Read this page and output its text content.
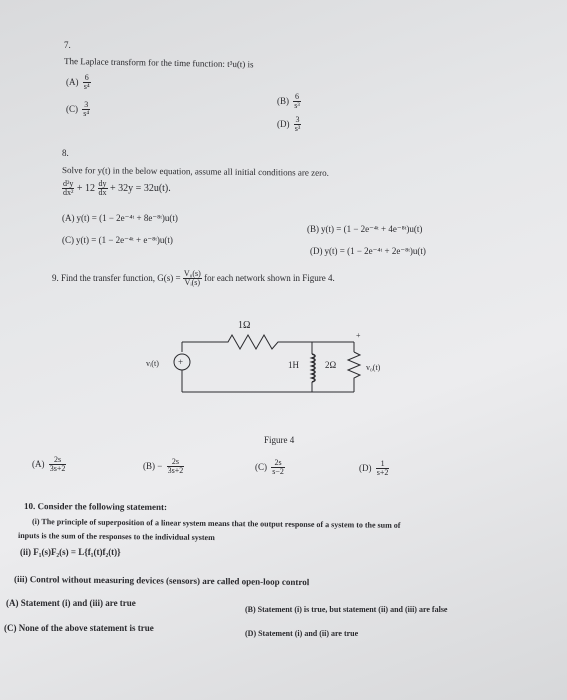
7.
The Laplace transform for the time function: t³u(t) is
$(A) \frac{6}{\text{s⁴}}$
$(B) \frac{6}{\text{s³}}$
$(C) \frac{3}{\text{s⁴}}$
$(D) \frac{3}{\text{s³}}$
8.
Solve for y(t) in the below equation, assume all initial conditions are zero.
$\frac{\text{d²y}}{\text{dx²}} + 12 \frac{dy}{dx} + 32y = 32u(t)$.
(A) y(t) = (1 − 2e⁻⁴ᵗ + 8e⁻⁸ᵗ)u(t)
(B) y(t) = (1 − 2e⁻⁴ᵗ + 4e⁻⁸ᵗ)u(t)
(C) y(t) = (1 − 2e⁻⁴ᵗ + e⁻⁸ᵗ)u(t)
(D) y(t) = (1 − 2e⁻⁴ᵗ + 2e⁻⁸ᵗ)u(t)
9. Find the transfer function, $G(s) = \frac{\text{V₀(s)}}{\text{Vᵢ(s)}}$ for each network shown in Figure 4.
+
1Ω
vᵢ(t)	1H	2Ω
+
v₀(t)
Figure 4
$(A) \frac{2s}{3s+2}$	$(B) - \frac{2s}{3s+2}$	$(C) \frac{2s}{s-2}$	$(D) \frac{1}{s+2}$
10. Consider the following statement:
(i) The principle of superposition of a linear system means that the output response of a system to the sum of
inputs is the sum of the responses to the individual system
(ii) F₁(s)F₂(s) = L{f₁(t)f₂(t)}
(iii) Control without measuring devices (sensors) are called open-loop control
(A) Statement (i) and (iii) are true
(B) Statement (i) is true, but statement (ii) and (iii) are false
(C) None of the above statement is true
(D) Statement (i) and (ii) are true
